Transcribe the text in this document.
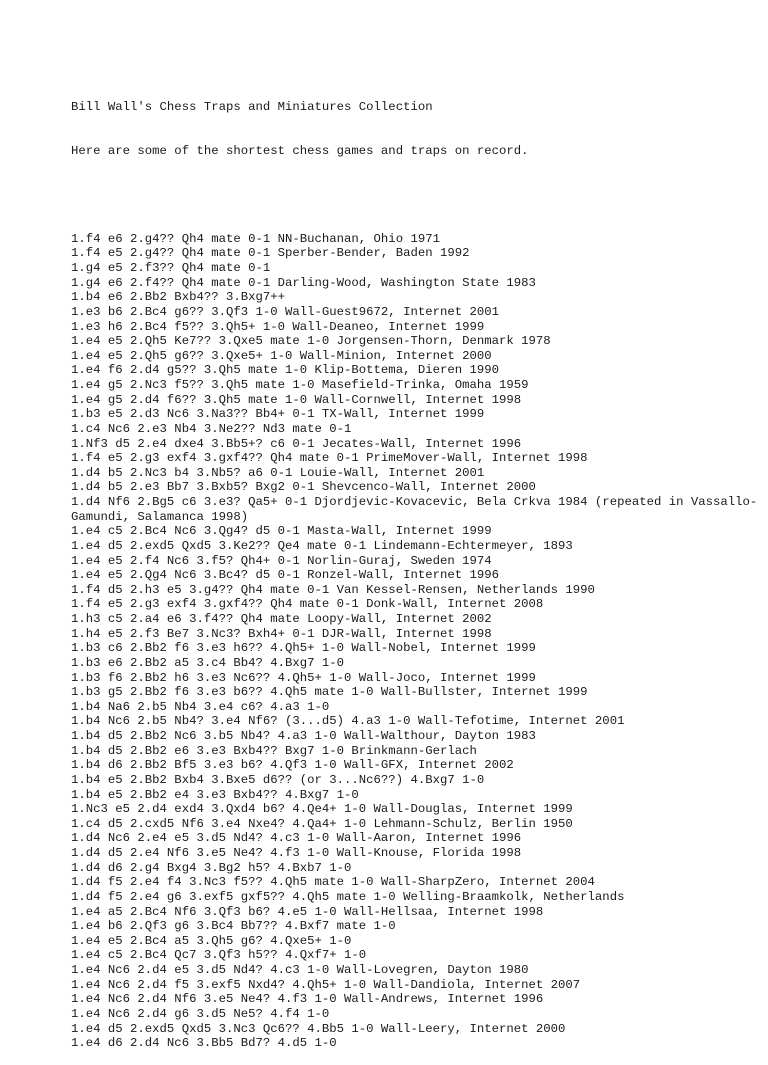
Bill Wall's Chess Traps and Miniatures Collection

Here are some of the shortest chess games and traps on record.

1.f4 e6 2.g4?? Qh4 mate 0-1 NN-Buchanan, Ohio 1971
1.f4 e5 2.g4?? Qh4 mate 0-1 Sperber-Bender, Baden 1992
1.g4 e5 2.f3?? Qh4 mate 0-1
1.g4 e6 2.f4?? Qh4 mate 0-1 Darling-Wood, Washington State 1983
1.b4 e6 2.Bb2 Bxb4?? 3.Bxg7++
1.e3 b6 2.Bc4 g6?? 3.Qf3 1-0 Wall-Guest9672, Internet 2001
1.e3 h6 2.Bc4 f5?? 3.Qh5+ 1-0 Wall-Deaneo, Internet 1999
1.e4 e5 2.Qh5 Ke7?? 3.Qxe5 mate 1-0 Jorgensen-Thorn, Denmark 1978
1.e4 e5 2.Qh5 g6?? 3.Qxe5+ 1-0 Wall-Minion, Internet 2000
1.e4 f6 2.d4 g5?? 3.Qh5 mate 1-0 Klip-Bottema, Dieren 1990
1.e4 g5 2.Nc3 f5?? 3.Qh5 mate 1-0 Masefield-Trinka, Omaha 1959
1.e4 g5 2.d4 f6?? 3.Qh5 mate 1-0 Wall-Cornwell, Internet 1998
1.b3 e5 2.d3 Nc6 3.Na3?? Bb4+ 0-1 TX-Wall, Internet 1999
1.c4 Nc6 2.e3 Nb4 3.Ne2?? Nd3 mate 0-1
1.Nf3 d5 2.e4 dxe4 3.Bb5+? c6 0-1 Jecates-Wall, Internet 1996
1.f4 e5 2.g3 exf4 3.gxf4?? Qh4 mate 0-1 PrimeMover-Wall, Internet 1998
1.d4 b5 2.Nc3 b4 3.Nb5? a6 0-1 Louie-Wall, Internet 2001
1.d4 b5 2.e3 Bb7 3.Bxb5? Bxg2 0-1 Shevcenco-Wall, Internet 2000
1.d4 Nf6 2.Bg5 c6 3.e3? Qa5+ 0-1 Djordjevic-Kovacevic, Bela Crkva 1984 (repeated in Vassallo-Gamundi, Salamanca 1998)
1.e4 c5 2.Bc4 Nc6 3.Qg4? d5 0-1 Masta-Wall, Internet 1999
1.e4 d5 2.exd5 Qxd5 3.Ke2?? Qe4 mate 0-1 Lindemann-Echtermeyer, 1893
1.e4 e5 2.f4 Nc6 3.f5? Qh4+ 0-1 Norlin-Guraj, Sweden 1974
1.e4 e5 2.Qg4 Nc6 3.Bc4? d5 0-1 Ronzel-Wall, Internet 1996
1.f4 d5 2.h3 e5 3.g4?? Qh4 mate 0-1 Van Kessel-Rensen, Netherlands 1990
1.f4 e5 2.g3 exf4 3.gxf4?? Qh4 mate 0-1 Donk-Wall, Internet 2008
1.h3 c5 2.a4 e6 3.f4?? Qh4 mate Loopy-Wall, Internet 2002
1.h4 e5 2.f3 Be7 3.Nc3? Bxh4+ 0-1 DJR-Wall, Internet 1998
1.b3 c6 2.Bb2 f6 3.e3 h6?? 4.Qh5+ 1-0 Wall-Nobel, Internet 1999
1.b3 e6 2.Bb2 a5 3.c4 Bb4? 4.Bxg7 1-0
1.b3 f6 2.Bb2 h6 3.e3 Nc6?? 4.Qh5+ 1-0 Wall-Joco, Internet 1999
1.b3 g5 2.Bb2 f6 3.e3 b6?? 4.Qh5 mate 1-0 Wall-Bullster, Internet 1999
1.b4 Na6 2.b5 Nb4 3.e4 c6? 4.a3 1-0
1.b4 Nc6 2.b5 Nb4? 3.e4 Nf6? (3...d5) 4.a3 1-0 Wall-Tefotime, Internet 2001
1.b4 d5 2.Bb2 Nc6 3.b5 Nb4? 4.a3 1-0 Wall-Walthour, Dayton 1983
1.b4 d5 2.Bb2 e6 3.e3 Bxb4?? Bxg7 1-0 Brinkmann-Gerlach
1.b4 d6 2.Bb2 Bf5 3.e3 b6? 4.Qf3 1-0 Wall-GFX, Internet 2002
1.b4 e5 2.Bb2 Bxb4 3.Bxe5 d6?? (or 3...Nc6??) 4.Bxg7 1-0
1.b4 e5 2.Bb2 e4 3.e3 Bxb4?? 4.Bxg7 1-0
1.Nc3 e5 2.d4 exd4 3.Qxd4 b6? 4.Qe4+ 1-0 Wall-Douglas, Internet 1999
1.c4 d5 2.cxd5 Nf6 3.e4 Nxe4? 4.Qa4+ 1-0 Lehmann-Schulz, Berlin 1950
1.d4 Nc6 2.e4 e5 3.d5 Nd4? 4.c3 1-0 Wall-Aaron, Internet 1996
1.d4 d5 2.e4 Nf6 3.e5 Ne4? 4.f3 1-0 Wall-Knouse, Florida 1998
1.d4 d6 2.g4 Bxg4 3.Bg2 h5? 4.Bxb7 1-0
1.d4 f5 2.e4 f4 3.Nc3 f5?? 4.Qh5 mate 1-0 Wall-SharpZero, Internet 2004
1.d4 f5 2.e4 g6 3.exf5 gxf5?? 4.Qh5 mate 1-0 Welling-Braamkolk, Netherlands
1.e4 a5 2.Bc4 Nf6 3.Qf3 b6? 4.e5 1-0 Wall-Hellsaa, Internet 1998
1.e4 b6 2.Qf3 g6 3.Bc4 Bb7?? 4.Bxf7 mate 1-0
1.e4 e5 2.Bc4 a5 3.Qh5 g6? 4.Qxe5+ 1-0
1.e4 c5 2.Bc4 Qc7 3.Qf3 h5?? 4.Qxf7+ 1-0
1.e4 Nc6 2.d4 e5 3.d5 Nd4? 4.c3 1-0 Wall-Lovegren, Dayton 1980
1.e4 Nc6 2.d4 f5 3.exf5 Nxd4? 4.Qh5+ 1-0 Wall-Dandiola, Internet 2007
1.e4 Nc6 2.d4 Nf6 3.e5 Ne4? 4.f3 1-0 Wall-Andrews, Internet 1996
1.e4 Nc6 2.d4 g6 3.d5 Ne5? 4.f4 1-0
1.e4 d5 2.exd5 Qxd5 3.Nc3 Qc6?? 4.Bb5 1-0 Wall-Leery, Internet 2000
1.e4 d6 2.d4 Nc6 3.Bb5 Bd7? 4.d5 1-0
